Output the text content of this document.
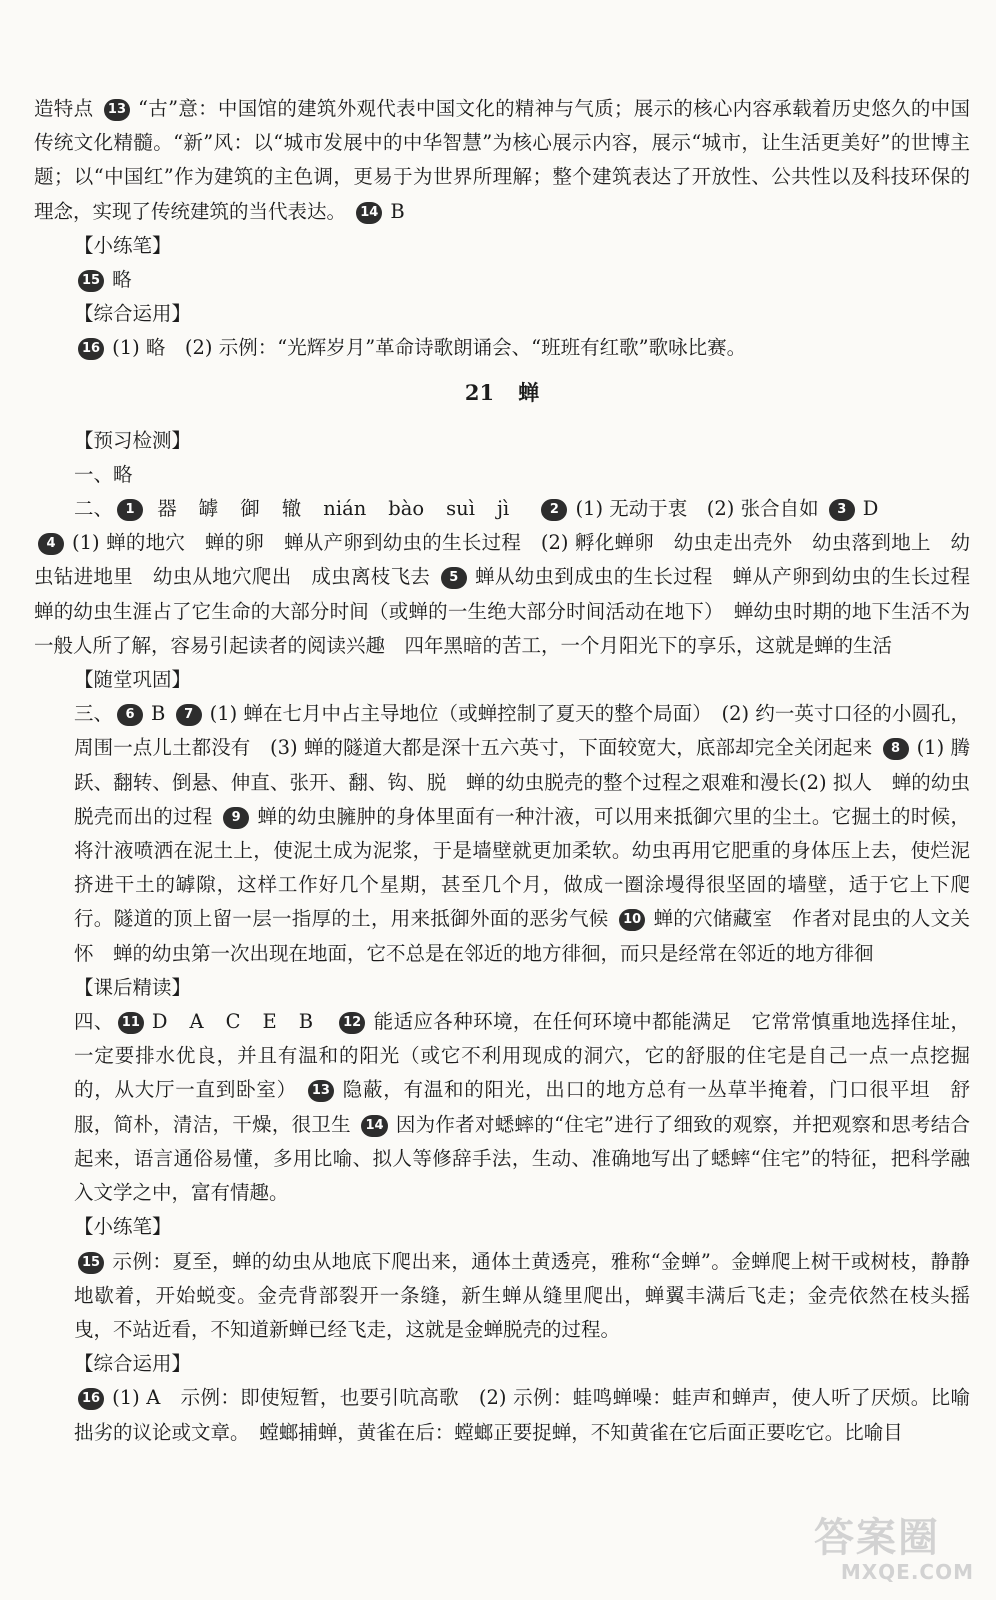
造特点 13 “古”意：中国馆的建筑外观代表中国文化的精神与气质；展示的核心内容承载着历史悠久的中国传统文化精髓。“新”风：以“城市发展中的中华智慧”为核心展示内容，展示“城市，让生活更美好”的世博主题；以“中国红”作为建筑的主色调，更易于为世界所理解；整个建筑表达了开放性、公共性以及科技环保的理念，实现了传统建筑的当代表达。 14 B

【小练笔】

15 略

【综合运用】

16 (1) 略　(2) 示例：“光辉岁月”革命诗歌朗诵会、“班班有红歌”歌咏比赛。

21 蝉

【预习检测】

一、略

二、 1 器 罅 御 辙 nián bào suì jì	2 (1) 无动于衷　(2) 张合自如 3 D

4 (1) 蝉的地穴　蝉的卵　蝉从产卵到幼虫的生长过程　(2) 孵化蝉卵　幼虫走出壳外　幼虫落到地上　幼虫钻进地里　幼虫从地穴爬出　成虫离枝飞去 5 蝉从幼虫到成虫的生长过程　蝉从产卵到幼虫的生长过程　蝉的幼虫生涯占了它生命的大部分时间（或蝉的一生绝大部分时间活动在地下）　蝉幼虫时期的地下生活不为一般人所了解，容易引起读者的阅读兴趣　四年黑暗的苦工，一个月阳光下的享乐，这就是蝉的生活

【随堂巩固】

三、 6 B 7 (1) 蝉在七月中占主导地位（或蝉控制了夏天的整个局面）　(2) 约一英寸口径的小圆孔，周围一点儿土都没有　(3) 蝉的隧道大都是深十五六英寸，下面较宽大，底部却完全关闭起来 8 (1) 腾跃、翻转、倒悬、伸直、张开、翻、钩、脱　蝉的幼虫脱壳的整个过程之艰难和漫长(2) 拟人　蝉的幼虫脱壳而出的过程 9 蝉的幼虫臃肿的身体里面有一种汁液，可以用来抵御穴里的尘土。它掘土的时候，将汁液喷洒在泥土上，使泥土成为泥浆，于是墙壁就更加柔软。幼虫再用它肥重的身体压上去，使烂泥挤进干土的罅隙，这样工作好几个星期，甚至几个月，做成一圈涂墁得很坚固的墙壁，适于它上下爬行。隧道的顶上留一层一指厚的土，用来抵御外面的恶劣气候 10 蝉的穴储藏室　作者对昆虫的人文关怀　蝉的幼虫第一次出现在地面，它不总是在邻近的地方徘徊，而只是经常在邻近的地方徘徊

【课后精读】

四、 11 D A C E B 12 能适应各种环境，在任何环境中都能满足　它常常慎重地选择住址，一定要排水优良，并且有温和的阳光（或它不利用现成的洞穴，它的舒服的住宅是自己一点一点挖掘的，从大厅一直到卧室） 13 隐蔽，有温和的阳光，出口的地方总有一丛草半掩着，门口很平坦　舒服，简朴，清洁，干燥，很卫生 14 因为作者对蟋蟀的“住宅”进行了细致的观察，并把观察和思考结合起来，语言通俗易懂，多用比喻、拟人等修辞手法，生动、准确地写出了蟋蟀“住宅”的特征，把科学融入文学之中，富有情趣。

【小练笔】

15 示例：夏至，蝉的幼虫从地底下爬出来，通体土黄透亮，雅称“金蝉”。金蝉爬上树干或树枝，静静地歇着，开始蜕变。金壳背部裂开一条缝，新生蝉从缝里爬出，蝉翼丰满后飞走；金壳依然在枝头摇曳，不站近看，不知道新蝉已经飞走，这就是金蝉脱壳的过程。

【综合运用】

16 (1) A　示例：即使短暂，也要引吭高歌　(2) 示例：蛙鸣蝉噪：蛙声和蝉声，使人听了厌烦。比喻拙劣的议论或文章。　螳螂捕蝉，黄雀在后：螳螂正要捉蝉，不知黄雀在它后面正要吃它。比喻目

答案圈
MXQE.COM
